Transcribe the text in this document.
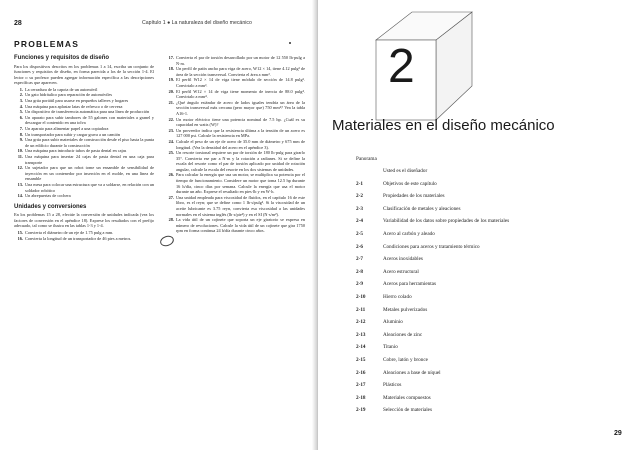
28	Capítulo 1 ● La naturaleza del diseño mecánico
PROBLEMAS
Funciones y requisitos de diseño
Para los dispositivos descritos en los problemas 1 a 14, escriba un conjunto de funciones y requisitos de diseño, en forma parecida a los de la sección 1-4. El lector o su profesor pueden agregar información específica a las descripciones específicas que aparecen.
1. La cerradura de la capota de un automóvil
2. Un gato hidráulico para reparación de automóviles
3. Una grúa portátil para usarse en pequeños talleres y hogares
4. Una máquina para aplastar latas de refresco o de cerveza
5. Un dispositivo de transferencia automática para una línea de producción
6. Un aparato para subir tambores de 55 galones con materiales a granel y descargar el contenido en una tolva
7. Un aparato para alimentar papel a una copiadora
8. Un transportador para subir y cargar grava a un camión
9. Una grúa para subir materiales de construcción desde el piso hasta la punta de un edificio durante la construcción
10. Una máquina para introducir tubos de pasta dental en cajas
11. Una máquina para insertar 24 cajas de pasta dental en una caja para transporte
12. Un sujetador para que un robot tome un ensamble de sensibilidad de inyección en un contenedor por inserción en el molde, en una línea de ensamble
13. Una mesa para colocar una estructura que va a soldarse, en relación con un soldador robótico
14. Un abrepuertas de cochera
Unidades y conversiones
En los problemas 15 a 28, efectúe la conversión de unidades indicada (vea los factores de conversión en el apéndice 18). Exprese los resultados con el prefijo adecuado, tal como se ilustra en las tablas 1-3 y 1-4.
15. Convierta el diámetro de un eje de 1.75 pulg a mm.
16. Convierta la longitud de un transportador de 46 pies a metros.
17. Convierta el par de torsión desarrollado por un motor de 12 550 lb·pulg a N·m.
18. Un perfil de patín ancho para viga de acero, W12 × 14, tiene 4.12 pulg² de área de la sección transversal. Convierta el área a mm².
19. El perfil W12 × 14 de viga tiene módulo de sección de 14.8 pulg³. Convirtalo a mm³.
20. El perfil W12 × 14 de viga tiene momento de inercia de 88.0 pulg⁴. Convirtalo a mm⁴.
21. ¿Qué ángulo estándar de acero de lados iguales tendría un área de la sección transversal más cercana (pero mayor que) 750 mm²? Vea la tabla A16-1.
22. Un motor eléctrico tiene una potencia nominal de 7.5 hp. ¿Cuál es su capacidad en watts (W)?
23. Un proveedor indica que la resistencia última a la tensión de un acero es 127 000 psi. Calcule la resistencia en MPa.
24. Calcule el peso de un eje de acero de 35.0 mm de diámetro y 675 mm de longitud. (Vea la densidad del acero en el apéndice 3).
25. Un resorte torsional requiere un par de torsión de 180 lb·pulg para girarlo 35°. Convierta ese par a N·m y la rotación a radianes. Si se define la escala del resorte como el par de torsión aplicado por unidad de rotación angular, calcule la escala del resorte en los dos sistemas de unidades.
26. Para calcular la energía que usa un motor, se multiplica su potencia por el tiempo de funcionamiento. Considere un motor que toma 12.5 hp durante 16 h/día, cinco días por semana. Calcule la energía que usa el motor durante un año. Exprese el resultado en pies·lb y en W·h.
27. Una unidad empleada para viscosidad de fluidos, en el capítulo 16 de este libro, es el reyn; que se define como 1 lb·s/pulg². Si la viscosidad de un aceite lubricante es 3.75 reyn, convierta esa viscosidad a las unidades normales en el sistema inglés (lb·s/pie²) y en el SI (N·s/m²).
28. La vida útil de un cojinete que soporta un eje giratorio se expresa en número de revoluciones. Calcule la vida útil de un cojinete que gira 1750 rpm en forma continua 24 h/día durante cinco años.
2
Materiales en el diseño mecánico
Panorama
Usted es el diseñador
2-1	Objetivos de este capítulo
2-2	Propiedades de los materiales
2-3	Clasificación de metales y aleaciones
2-4	Variabilidad de los datos sobre propiedades de los materiales
2-5	Acero al carbón y aleado
2-6	Condiciones para aceros y tratamiento térmico
2-7	Aceros inoxidables
2-8	Acero estructural
2-9	Aceros para herramientas
2-10	Hierro colado
2-11	Metales pulverizados
2-12	Aluminio
2-13	Aleaciones de zinc
2-14	Titanio
2-15	Cobre, latón y bronce
2-16	Aleaciones a base de níquel
2-17	Plásticos
2-18	Materiales compuestos
2-19	Selección de materiales
29
